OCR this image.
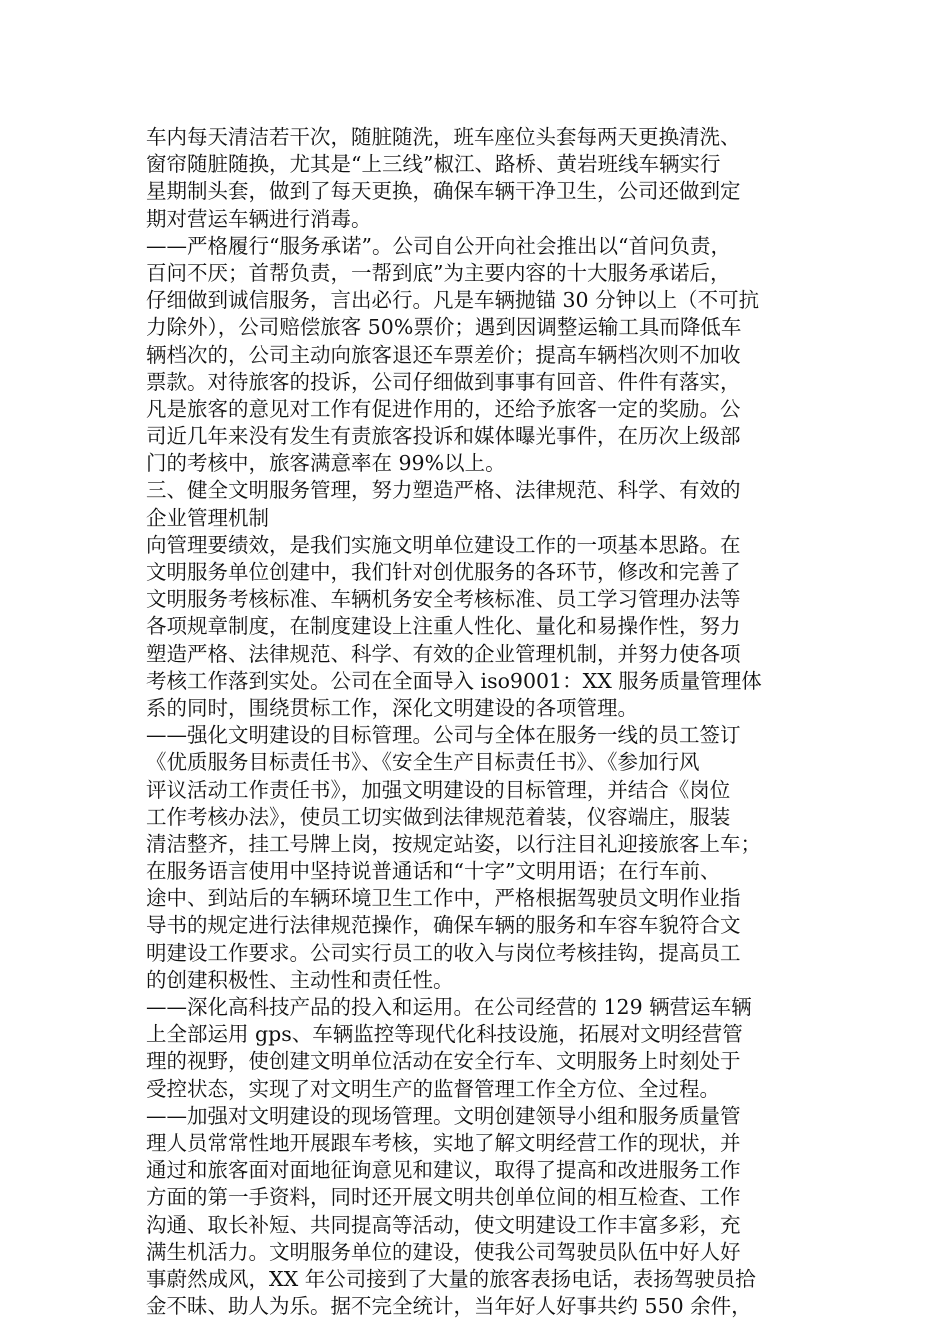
车内每天清洁若干次，随脏随洗，班车座位头套每两天更换清洗、
窗帘随脏随换，尤其是“上三线”椒江、路桥、黄岩班线车辆实行
星期制头套，做到了每天更换，确保车辆干净卫生，公司还做到定
期对营运车辆进行消毒。
——严格履行“服务承诺”。公司自公开向社会推出以“首问负责，
百问不厌；首帮负责，一帮到底”为主要内容的十大服务承诺后，
仔细做到诚信服务，言出必行。凡是车辆抛锚 30 分钟以上（不可抗
力除外），公司赔偿旅客 50%票价；遇到因调整运输工具而降低车
辆档次的，公司主动向旅客退还车票差价；提高车辆档次则不加收
票款。对待旅客的投诉，公司仔细做到事事有回音、件件有落实，
凡是旅客的意见对工作有促进作用的，还给予旅客一定的奖励。公
司近几年来没有发生有责旅客投诉和媒体曝光事件，在历次上级部
门的考核中，旅客满意率在 99%以上。
三、健全文明服务管理，努力塑造严格、法律规范、科学、有效的
企业管理机制
向管理要绩效，是我们实施文明单位建设工作的一项基本思路。在
文明服务单位创建中，我们针对创优服务的各环节，修改和完善了
文明服务考核标准、车辆机务安全考核标准、员工学习管理办法等
各项规章制度，在制度建设上注重人性化、量化和易操作性，努力
塑造严格、法律规范、科学、有效的企业管理机制，并努力使各项
考核工作落到实处。公司在全面导入 iso9001：XX 服务质量管理体
系的同时，围绕贯标工作，深化文明建设的各项管理。
——强化文明建设的目标管理。公司与全体在服务一线的员工签订
《优质服务目标责任书》、《安全生产目标责任书》、《参加行风
评议活动工作责任书》，加强文明建设的目标管理，并结合《岗位
工作考核办法》，使员工切实做到法律规范着装，仪容端庄，服装
清洁整齐，挂工号牌上岗，按规定站姿，以行注目礼迎接旅客上车；
在服务语言使用中坚持说普通话和“十字”文明用语；在行车前、
途中、到站后的车辆环境卫生工作中，严格根据驾驶员文明作业指
导书的规定进行法律规范操作，确保车辆的服务和车容车貌符合文
明建设工作要求。公司实行员工的收入与岗位考核挂钩，提高员工
的创建积极性、主动性和责任性。
——深化高科技产品的投入和运用。在公司经营的 129 辆营运车辆
上全部运用 gps、车辆监控等现代化科技设施，拓展对文明经营管
理的视野，使创建文明单位活动在安全行车、文明服务上时刻处于
受控状态，实现了对文明生产的监督管理工作全方位、全过程。
——加强对文明建设的现场管理。文明创建领导小组和服务质量管
理人员常常性地开展跟车考核，实地了解文明经营工作的现状，并
通过和旅客面对面地征询意见和建议，取得了提高和改进服务工作
方面的第一手资料，同时还开展文明共创单位间的相互检查、工作
沟通、取长补短、共同提高等活动，使文明建设工作丰富多彩，充
满生机活力。文明服务单位的建设，使我公司驾驶员队伍中好人好
事蔚然成风，XX 年公司接到了大量的旅客表扬电话，表扬驾驶员拾
金不昧、助人为乐。据不完全统计，当年好人好事共约 550 余件，
